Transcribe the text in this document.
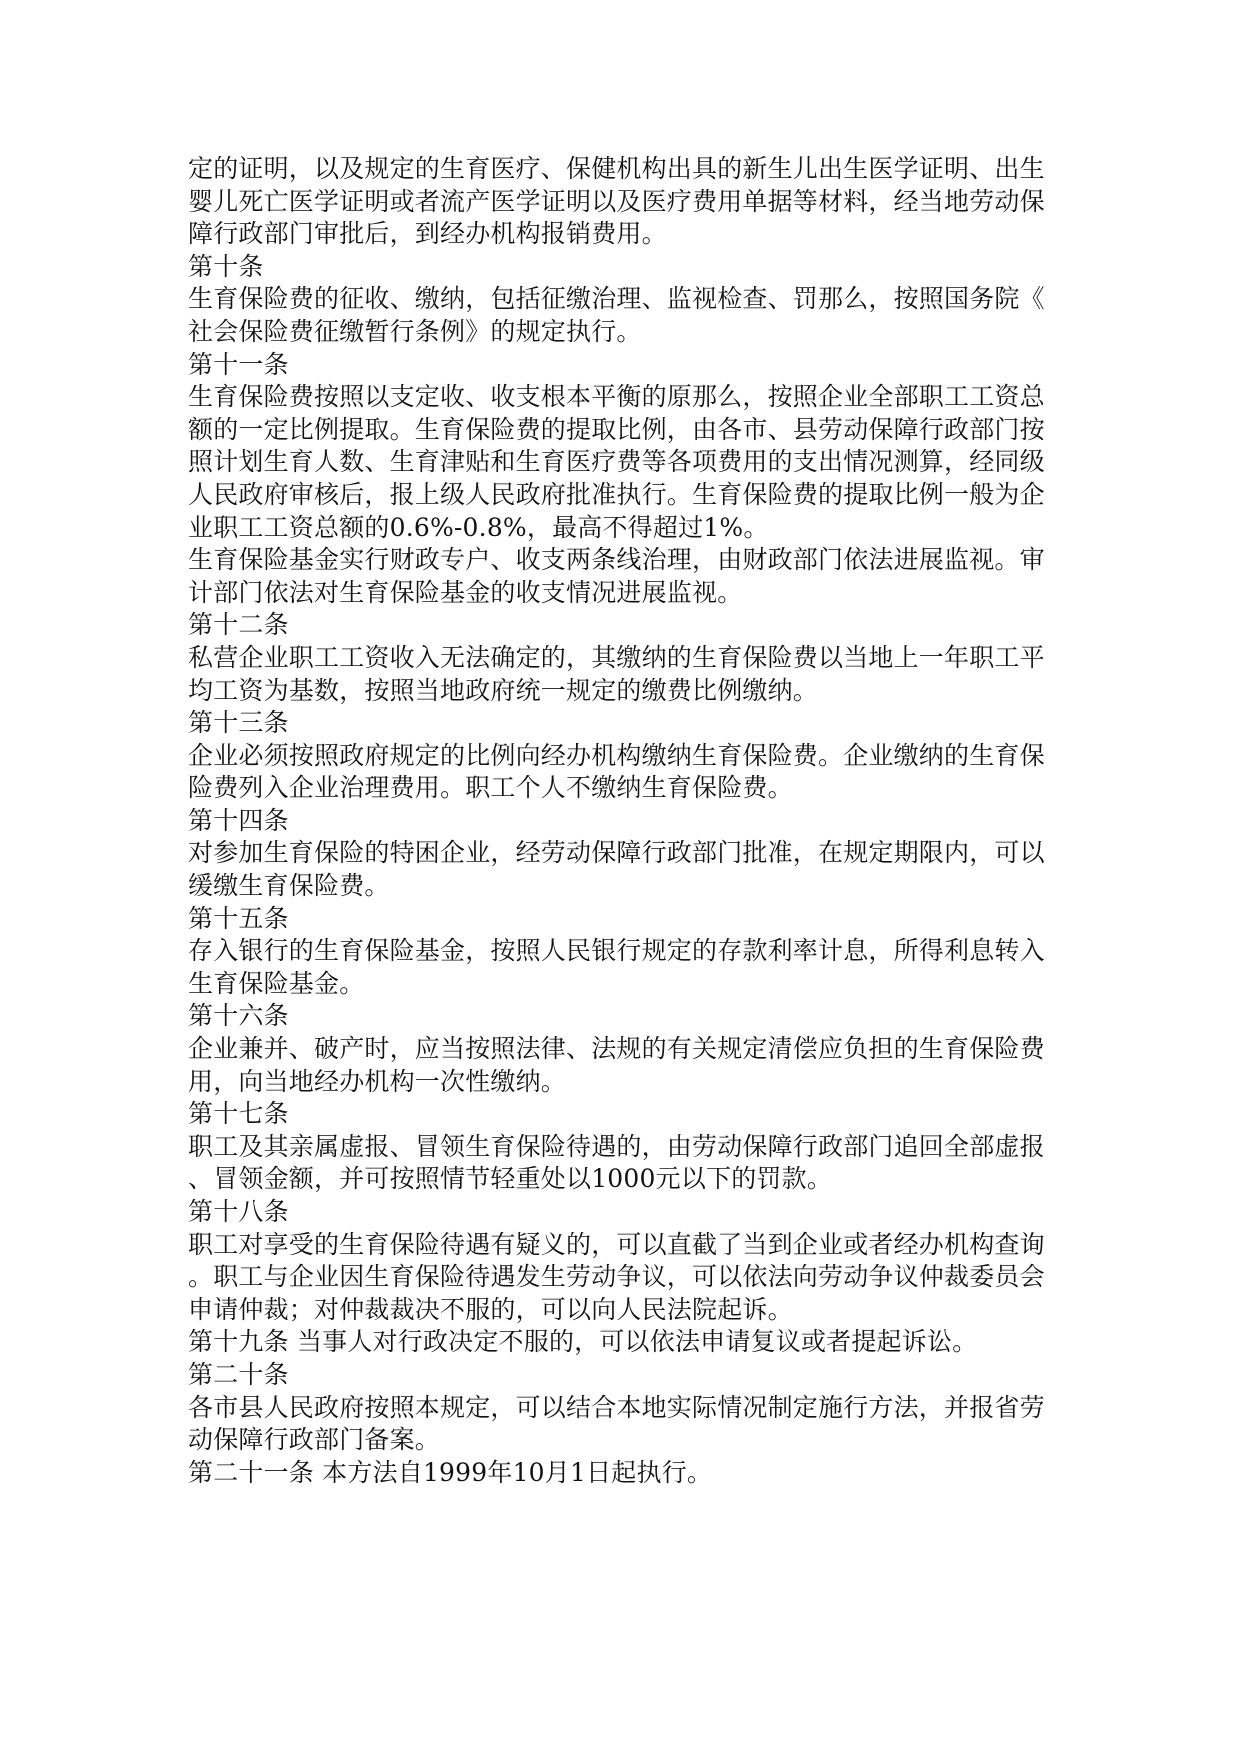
定的证明，以及规定的生育医疗、保健机构出具的新生儿出生医学证明、出生
婴儿死亡医学证明或者流产医学证明以及医疗费用单据等材料，经当地劳动保
障行政部门审批后，到经办机构报销费用。
第十条
生育保险费的征收、缴纳，包括征缴治理、监视检查、罚那么，按照国务院《
社会保险费征缴暂行条例》的规定执行。
第十一条
生育保险费按照以支定收、收支根本平衡的原那么，按照企业全部职工工资总
额的一定比例提取。生育保险费的提取比例，由各市、县劳动保障行政部门按
照计划生育人数、生育津贴和生育医疗费等各项费用的支出情况测算，经同级
人民政府审核后，报上级人民政府批准执行。生育保险费的提取比例一般为企
业职工工资总额的0.6%-0.8%，最高不得超过1%。
生育保险基金实行财政专户、收支两条线治理，由财政部门依法进展监视。审
计部门依法对生育保险基金的收支情况进展监视。
第十二条
私营企业职工工资收入无法确定的，其缴纳的生育保险费以当地上一年职工平
均工资为基数，按照当地政府统一规定的缴费比例缴纳。
第十三条
企业必须按照政府规定的比例向经办机构缴纳生育保险费。企业缴纳的生育保
险费列入企业治理费用。职工个人不缴纳生育保险费。
第十四条
对参加生育保险的特困企业，经劳动保障行政部门批准，在规定期限内，可以
缓缴生育保险费。
第十五条
存入银行的生育保险基金，按照人民银行规定的存款利率计息，所得利息转入
生育保险基金。
第十六条
企业兼并、破产时，应当按照法律、法规的有关规定清偿应负担的生育保险费
用，向当地经办机构一次性缴纳。
第十七条
职工及其亲属虚报、冒领生育保险待遇的，由劳动保障行政部门追回全部虚报
、冒领金额，并可按照情节轻重处以1000元以下的罚款。
第十八条
职工对享受的生育保险待遇有疑义的，可以直截了当到企业或者经办机构查询
。职工与企业因生育保险待遇发生劳动争议，可以依法向劳动争议仲裁委员会
申请仲裁；对仲裁裁决不服的，可以向人民法院起诉。
第十九条 当事人对行政决定不服的，可以依法申请复议或者提起诉讼。
第二十条
各市县人民政府按照本规定，可以结合本地实际情况制定施行方法，并报省劳
动保障行政部门备案。
第二十一条 本方法自1999年10月1日起执行。
